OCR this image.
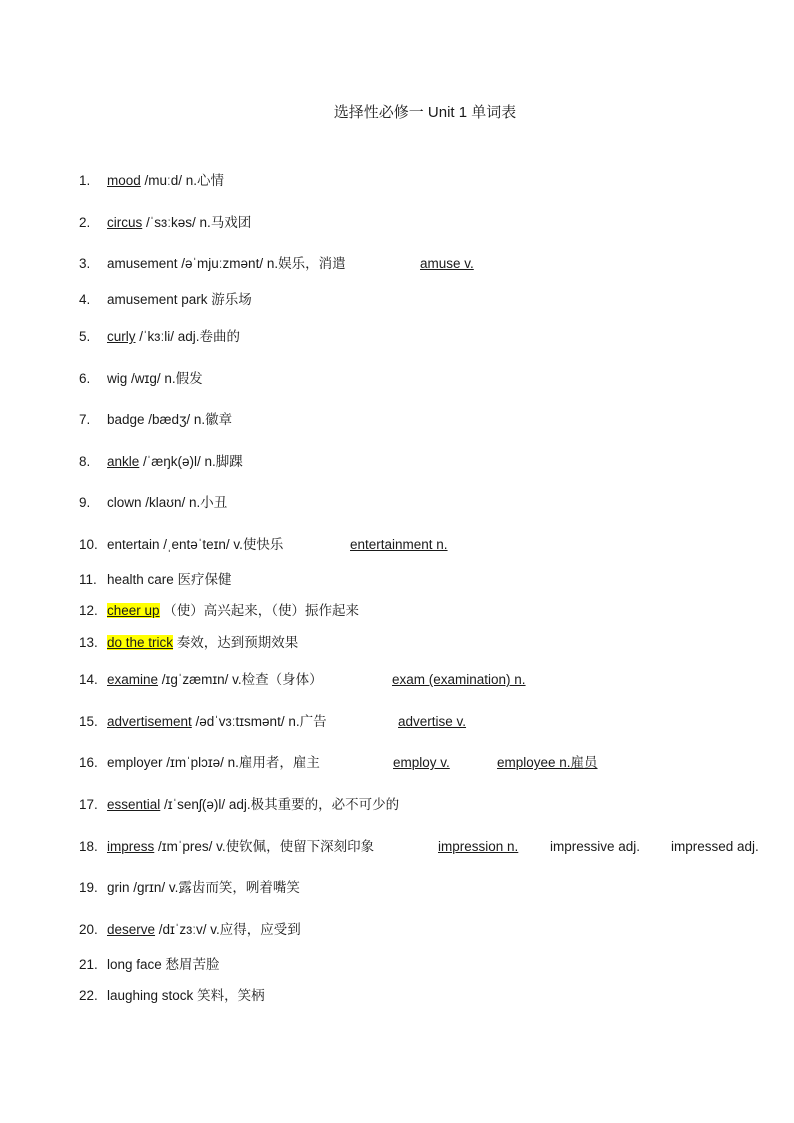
选择性必修一 Unit 1 单词表
1. mood /muːd/ n.心情
2. circus /ˈsɜːkəs/ n.马戏团
3. amusement /əˈmjuːzmənt/ n.娱乐，消遣	amuse v.
4. amusement park 游乐场
5. curly /ˈkɜːli/ adj.卷曲的
6. wig /wɪɡ/ n.假发
7. badge /bædʒ/ n.徽章
8. ankle /ˈæŋk(ə)l/ n.脚踝
9. clown /klaʊn/ n.小丑
10. entertain /ˌentəˈteɪn/ v.使快乐	entertainment n.
11. health care 医疗保健
12. cheer up （使）高兴起来，（使）振作起来
13. do the trick 奏效，达到预期效果
14. examine /ɪɡˈzæmɪn/ v.检查（身体）	exam (examination) n.
15. advertisement /ədˈvɜːtɪsmənt/ n.广告	advertise v.
16. employer /ɪmˈplɔɪə/ n.雇用者，雇主	employ v.	employee n.雇员
17. essential /ɪˈsenʃ(ə)l/ adj.极其重要的，必不可少的
18. impress /ɪmˈpres/ v.使钦佩，使留下深刻印象	impression n. impressive adj. impressed adj.
19. grin /ɡrɪn/ v.露齿而笑，咧着嘴笑
20. deserve /dɪˈzɜːv/ v.应得，应受到
21. long face 愁眉苦脸
22. laughing stock 笑料，笑柄
